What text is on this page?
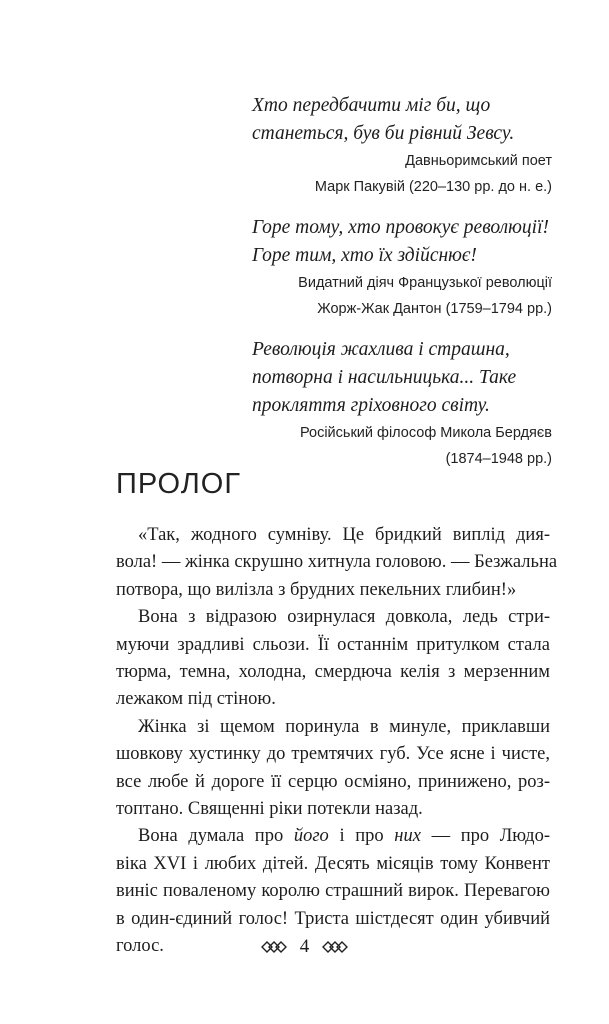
Хто передбачити міг би, що
станеться, був би рівний Зевсу.
Давньоримський поет
Марк Пакувій (220–130 рр. до н. е.)
Горе тому, хто провокує революції!
Горе тим, хто їх здійснює!
Видатний діяч Французької революції
Жорж-Жак Дантон (1759–1794 рр.)
Революція жахлива і страшна,
потворна і насильницька... Таке
прокляття гріховного світу.
Російський філософ Микола Бердяєв
(1874–1948 рр.)
ПРОЛОГ
«Так, жодного сумніву. Це бридкий виплід дия-
вола! — жінка скрушно хитнула головою. — Безжальна
потвора, що вилізла з брудних пекельних глибин!»
Вона з відразою озирнулася довкола, ледь стри-
муючи зрадливі сльози. Її останнім притулком стала
тюрма, темна, холодна, смердюча келія з мерзенним
лежаком під стіною.
Жінка зі щемом поринула в минуле, приклавши
шовкову хустинку до тремтячих губ. Усе ясне і чисте,
все любе й дороге її серцю осміяно, принижено, роз-
топтано. Священні ріки потекли назад.
Вона думала про його і про них — про Людо-
віка XVI і любих дітей. Десять місяців тому Конвент
виніс поваленому королю страшний вирок. Перевагою
в один-єдиний голос! Триста шістдесят один убивчий
голос.	4
